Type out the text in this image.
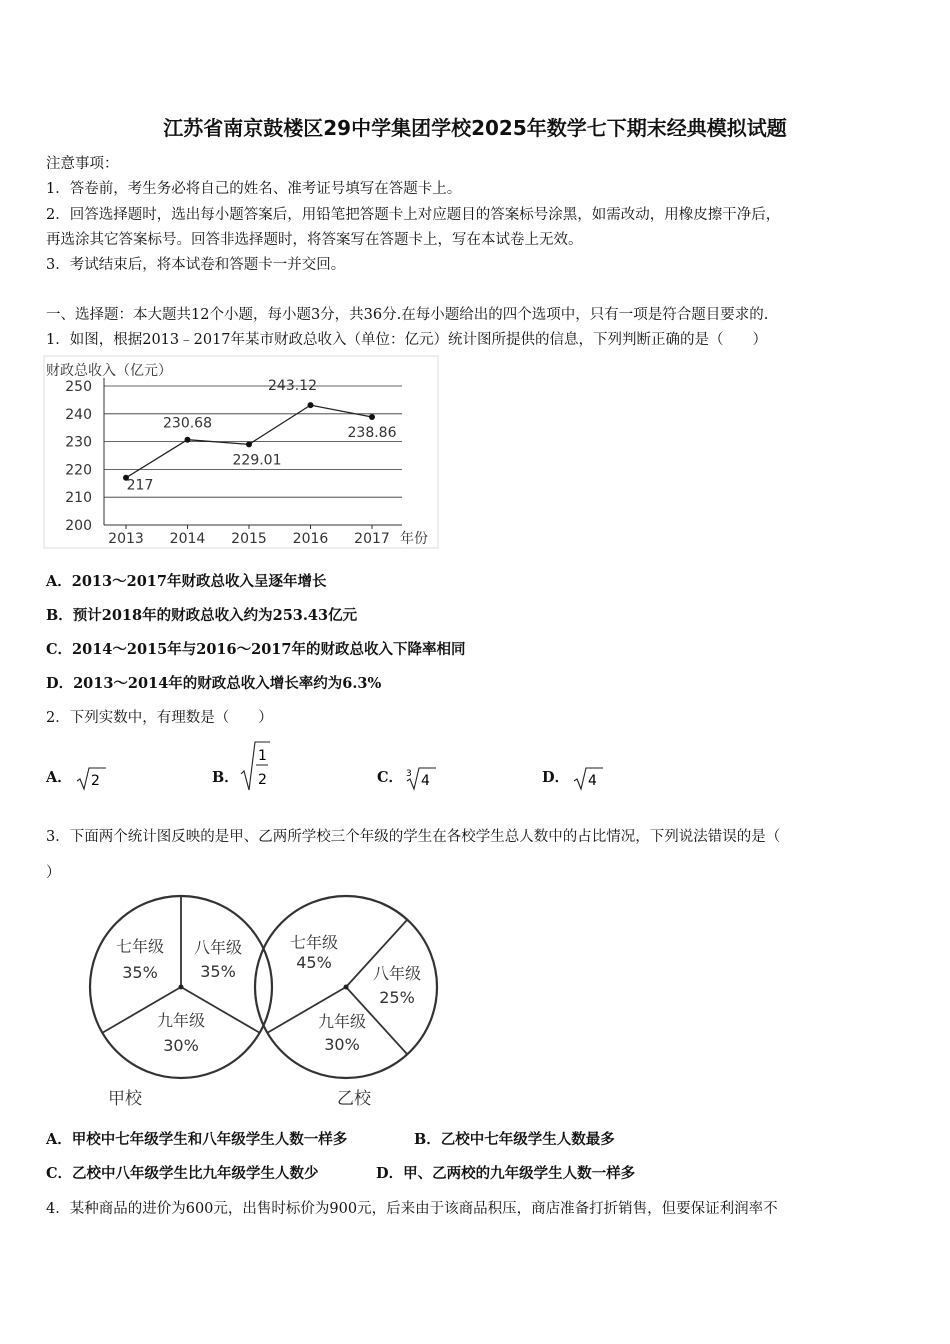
江苏省南京鼓楼区29中学集团学校2025年数学七下期末经典模拟试题
注意事项：
1．答卷前，考生务必将自己的姓名、准考证号填写在答题卡上。
2．回答选择题时，选出每小题答案后，用铅笔把答题卡上对应题目的答案标号涂黑，如需改动，用橡皮擦干净后，
再选涂其它答案标号。回答非选择题时，将答案写在答题卡上，写在本试卷上无效。
3．考试结束后，将本试卷和答题卡一并交回。
一、选择题：本大题共12个小题，每小题3分，共36分.在每小题给出的四个选项中，只有一项是符合题目要求的.
1．如图，根据2013﹣2017年某市财政总收入（单位：亿元）统计图所提供的信息，下列判断正确的是（　　）
财政总收入（亿元）
年份
200
210
220
230
240
250
2013 2014 2015 2016 2017
217
230.68
229.01
243.12
238.86
A．2013～2017年财政总收入呈逐年增长
B．预计2018年的财政总收入约为253.43亿元
C．2014～2015年与2016～2017年的财政总收入下降率相同
D．2013～2014年的财政总收入增长率约为6.3%
2．下列实数中，有理数是（　　）
A． 2	B．
1
2	C． 3 4	D． 4
3．下面两个统计图反映的是甲、乙两所学校三个年级的学生在各校学生总人数中的占比情况，下列说法错误的是（
）
七年级
35%
八年级
35%
九年级
30%
甲校
七年级
45%
八年级
25%
九年级
30%
乙校
A．甲校中七年级学生和八年级学生人数一样多	B．乙校中七年级学生人数最多
C．乙校中八年级学生比九年级学生人数少	D．甲、乙两校的九年级学生人数一样多
4．某种商品的进价为600元，出售时标价为900元，后来由于该商品积压，商店准备打折销售，但要保证利润率不
